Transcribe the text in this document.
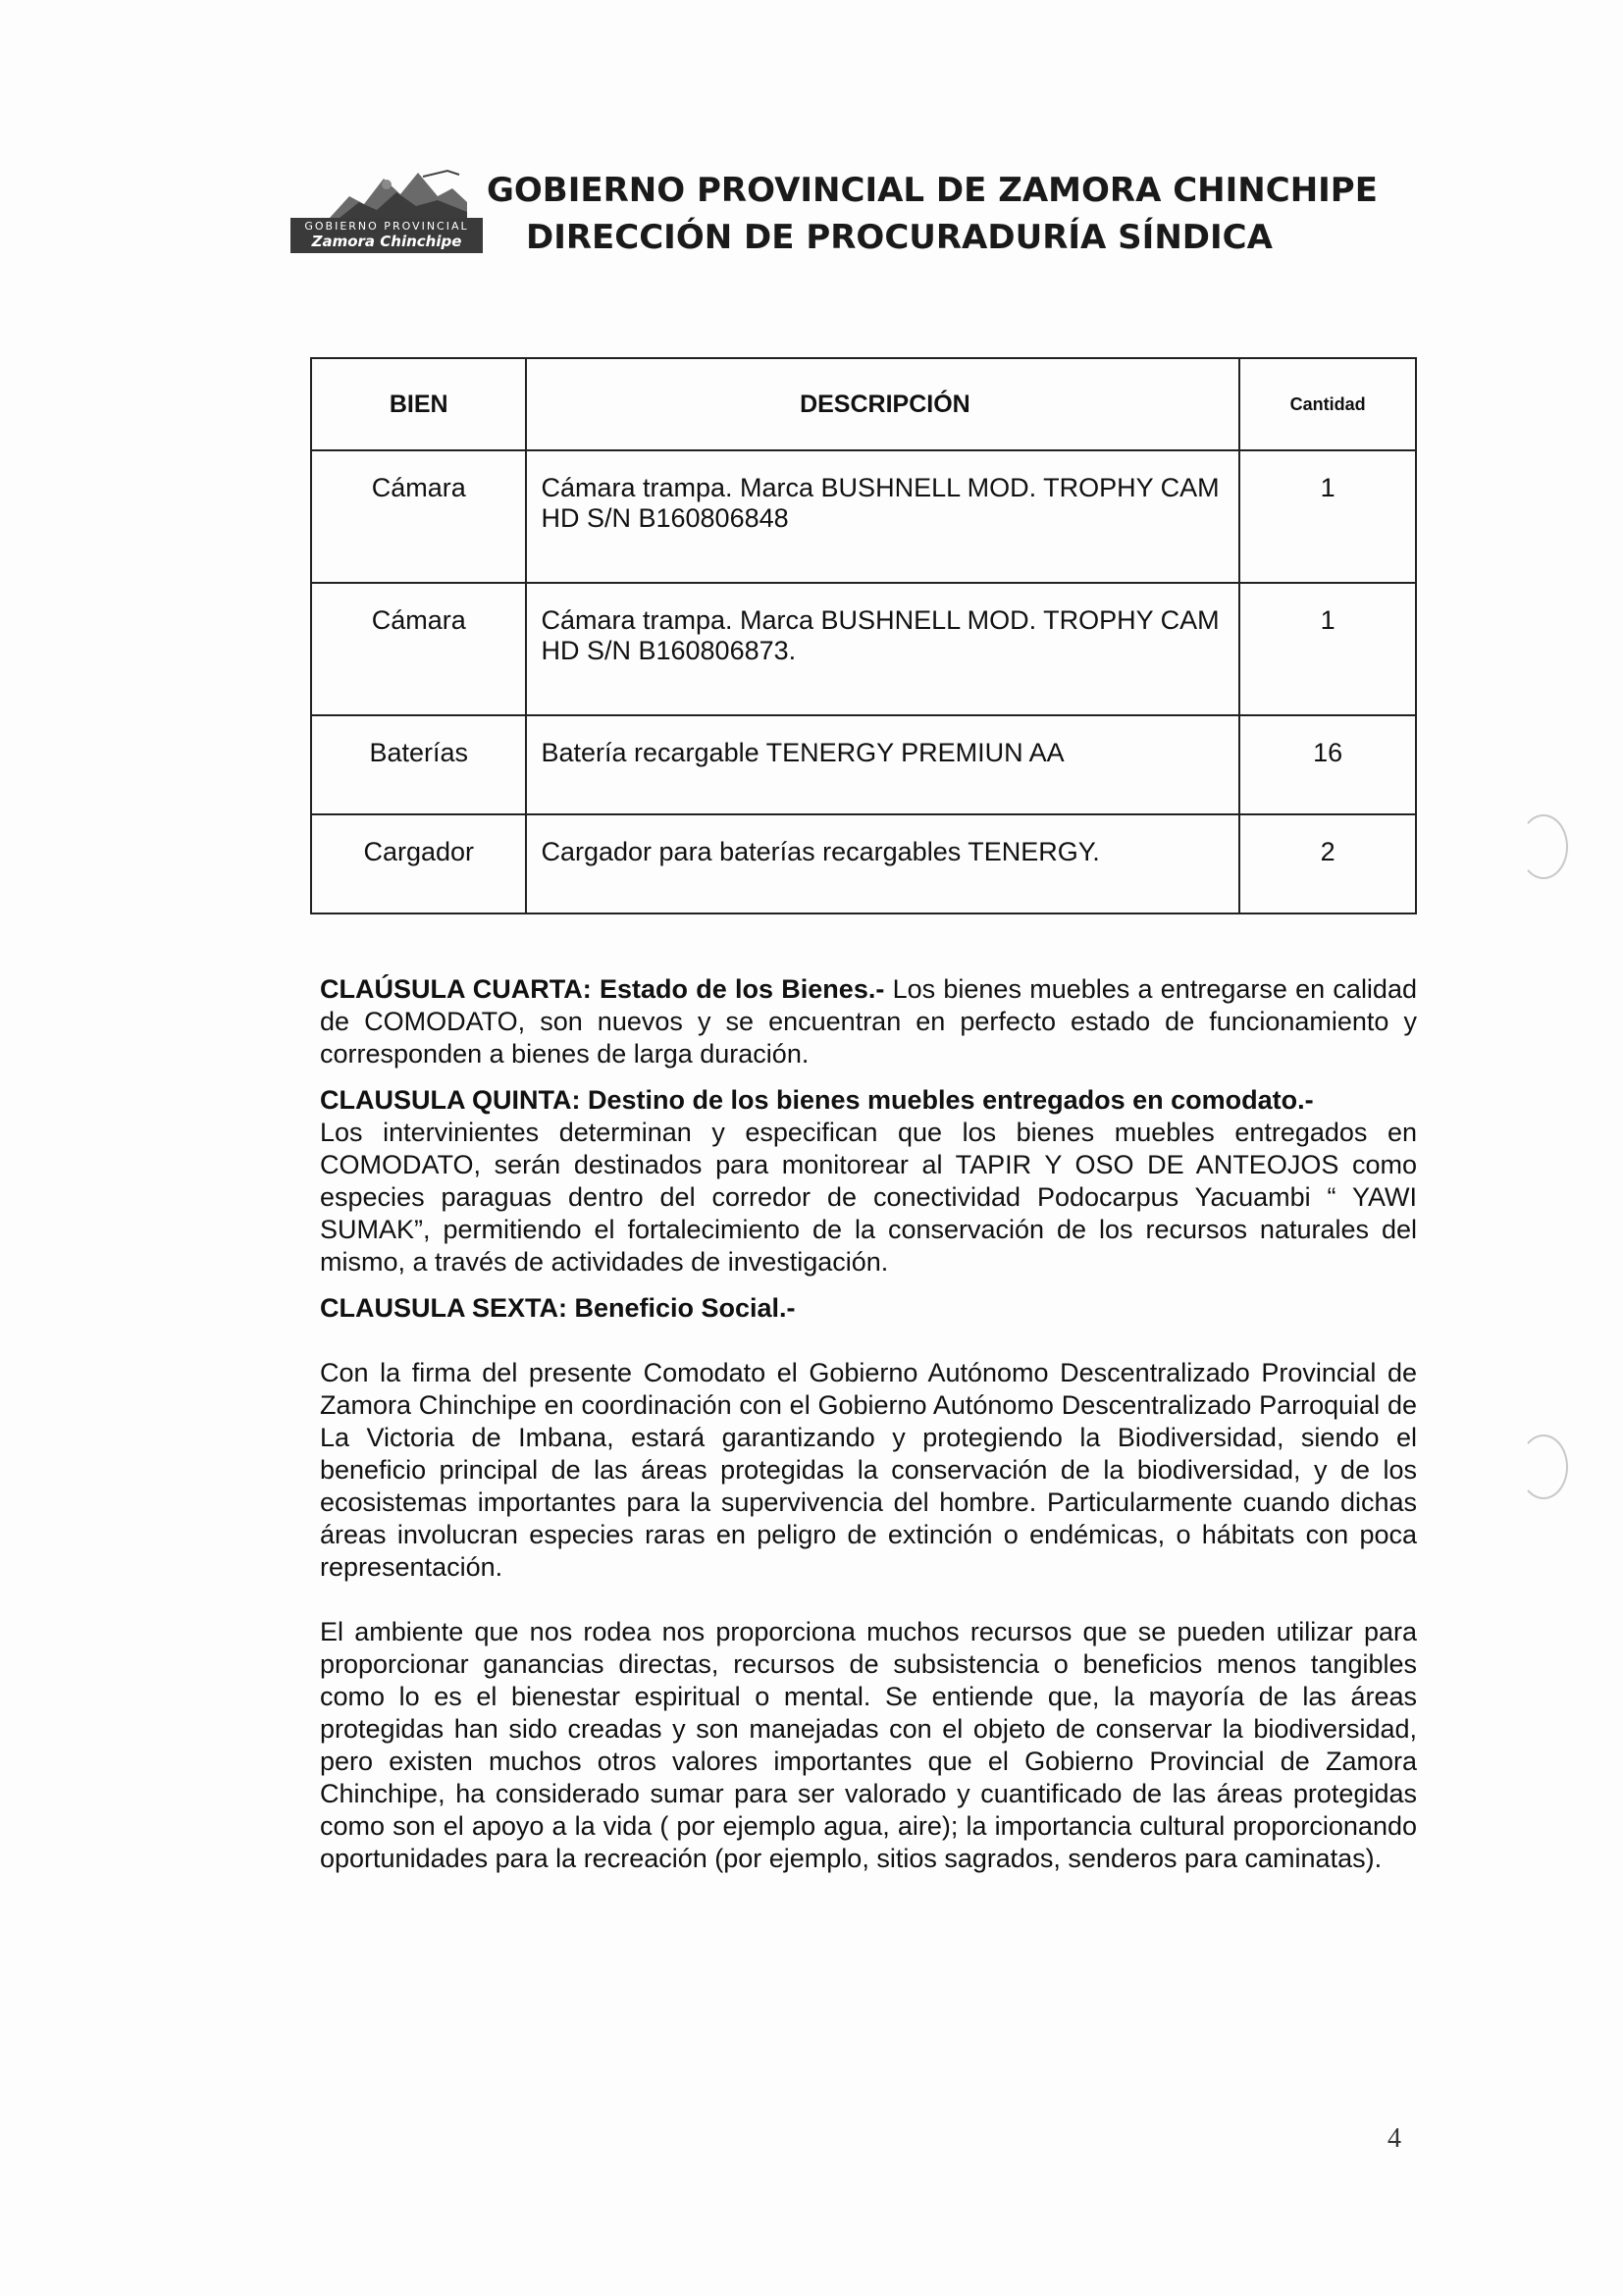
GOBIERNO PROVINCIAL
Zamora Chinchipe
GOBIERNO PROVINCIAL DE ZAMORA CHINCHIPE
DIRECCIÓN DE PROCURADURÍA SÍNDICA
BIEN	DESCRIPCIÓN	Cantidad
Cámara	Cámara trampa. Marca BUSHNELL MOD. TROPHY CAM HD S/N B160806848	1
Cámara	Cámara trampa. Marca BUSHNELL MOD. TROPHY CAM HD S/N B160806873.	1
Baterías	Batería recargable TENERGY PREMIUN AA	16
Cargador	Cargador para baterías recargables TENERGY.	2

CLAÚSULA CUARTA: Estado de los Bienes.- Los bienes muebles a entregarse en calidad de COMODATO, son nuevos y se encuentran en perfecto estado de funcionamiento y corresponden a bienes de larga duración.

CLAUSULA QUINTA: Destino de los bienes muebles entregados en comodato.-

Los intervinientes determinan y especifican que los bienes muebles entregados en COMODATO, serán destinados para monitorear al TAPIR Y OSO DE ANTEOJOS como especies paraguas dentro del corredor de conectividad Podocarpus Yacuambi “ YAWI SUMAK”, permitiendo el fortalecimiento de la conservación de los recursos naturales del mismo, a través de actividades de investigación.

CLAUSULA SEXTA: Beneficio Social.-

Con la firma del presente Comodato el Gobierno Autónomo Descentralizado Provincial de Zamora Chinchipe en coordinación con el Gobierno Autónomo Descentralizado Parroquial de La Victoria de Imbana, estará garantizando y protegiendo la Biodiversidad, siendo el beneficio principal de las áreas protegidas la conservación de la biodiversidad, y de los ecosistemas importantes para la supervivencia del hombre. Particularmente cuando dichas áreas involucran especies raras en peligro de extinción o endémicas, o hábitats con poca representación.

El ambiente que nos rodea nos proporciona muchos recursos que se pueden utilizar para proporcionar ganancias directas, recursos de subsistencia o beneficios menos tangibles como lo es el bienestar espiritual o mental. Se entiende que, la mayoría de las áreas protegidas han sido creadas y son manejadas con el objeto de conservar la biodiversidad, pero existen muchos otros valores importantes que el Gobierno Provincial de Zamora Chinchipe, ha considerado sumar para ser valorado y cuantificado de las áreas protegidas como son el apoyo a la vida ( por ejemplo agua, aire); la importancia cultural proporcionando oportunidades para la recreación (por ejemplo, sitios sagrados, senderos para caminatas).

4
